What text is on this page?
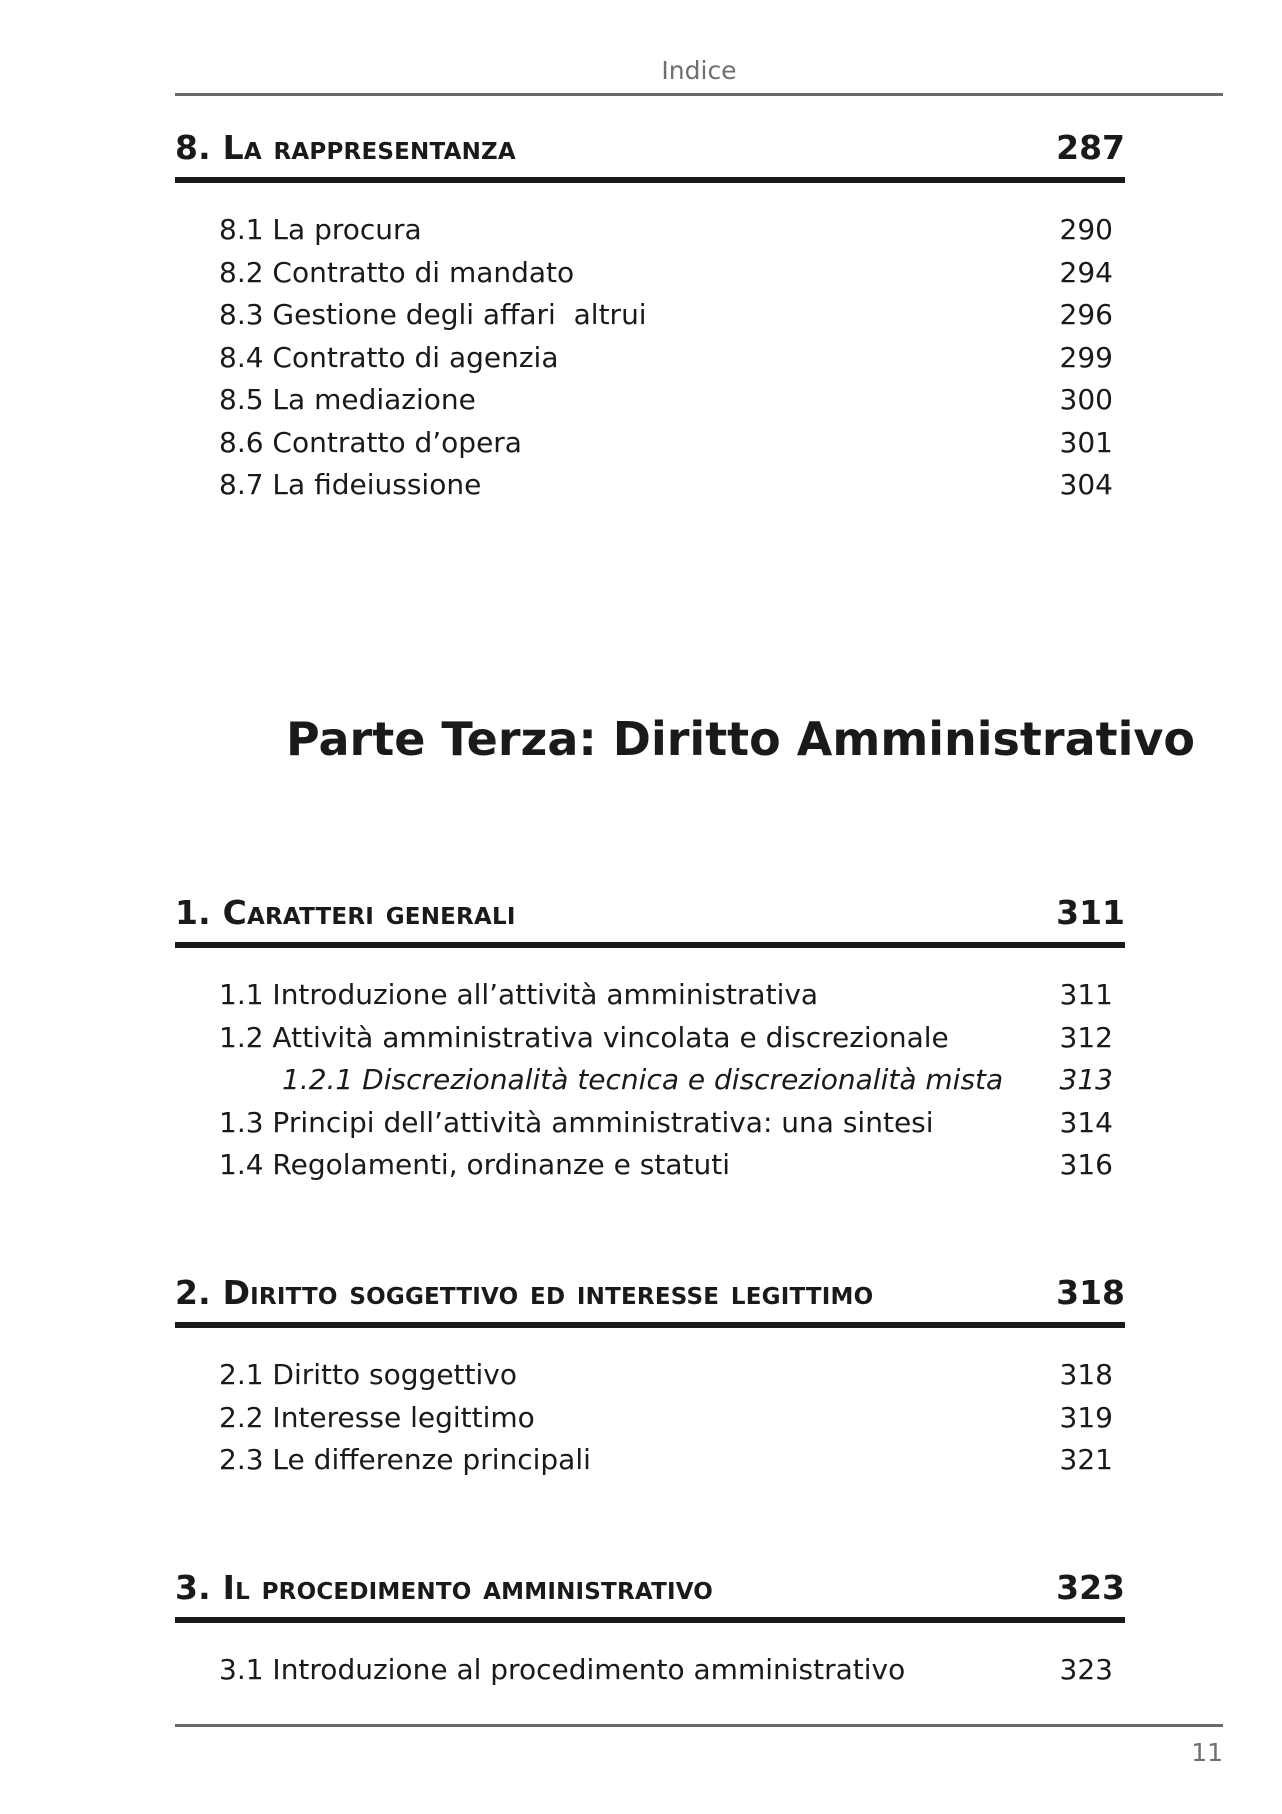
Indice
8. La rappresentanza	287
8.1 La procura	290
8.2 Contratto di mandato	294
8.3 Gestione degli affari  altrui	296
8.4 Contratto di agenzia	299
8.5 La mediazione	300
8.6 Contratto d’opera	301
8.7 La fideiussione	304
Parte Terza: Diritto Amministrativo
1. Caratteri generali	311
1.1 Introduzione all’attività amministrativa	311
1.2 Attività amministrativa vincolata e discrezionale	312
1.2.1 Discrezionalità tecnica e discrezionalità mista 313
1.3 Principi dell’attività amministrativa: una sintesi	314
1.4 Regolamenti, ordinanze e statuti	316
2. Diritto soggettivo ed interesse legittimo	318
2.1 Diritto soggettivo	318
2.2 Interesse legittimo	319
2.3 Le differenze principali	321
3. Il procedimento amministrativo	323
3.1 Introduzione al procedimento amministrativo	323
11
